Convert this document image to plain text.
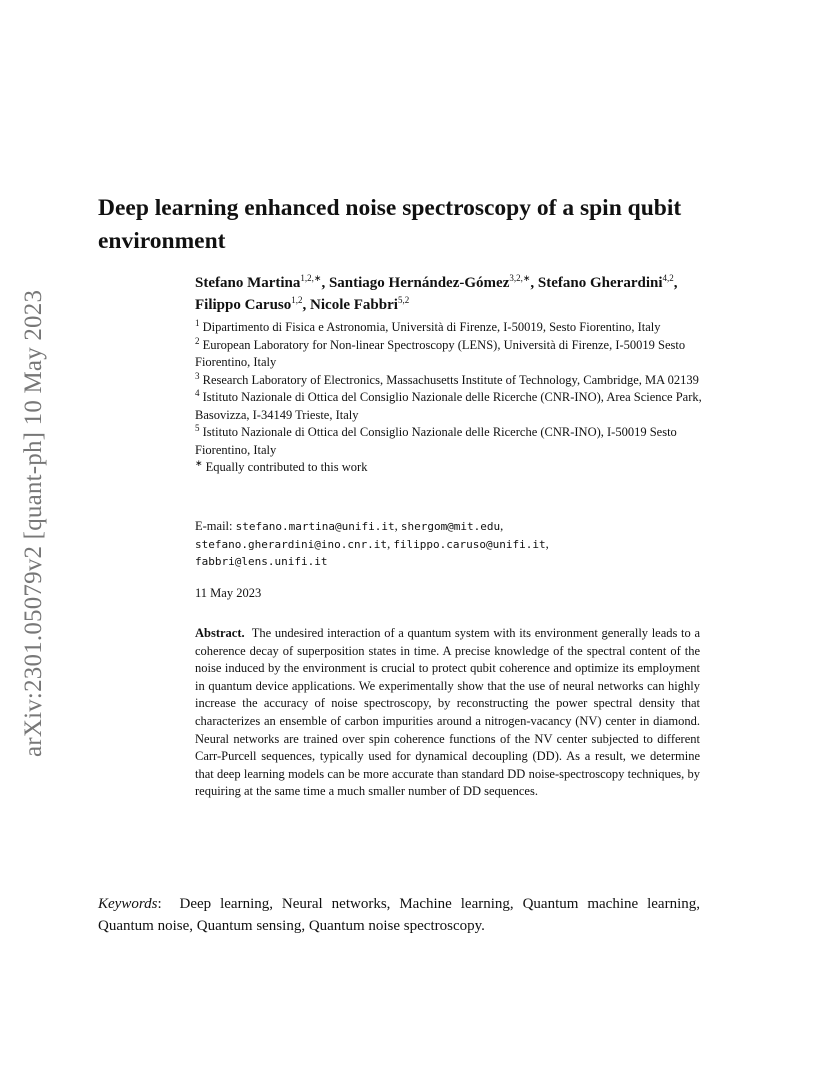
arXiv:2301.05079v2 [quant-ph] 10 May 2023
Deep learning enhanced noise spectroscopy of a spin qubit environment
Stefano Martina$^{1,2,∗}$, Santiago Hernández-Gómez$^{3,2,∗}$, Stefano Gherardini$^{4,2}$, Filippo Caruso$^{1,2}$, Nicole Fabbri$^{5,2}$

$^1$ Dipartimento di Fisica e Astronomia, Università di Firenze, I-50019, Sesto Fiorentino, Italy

$^2$ European Laboratory for Non-linear Spectroscopy (LENS), Università di Firenze, I-50019 Sesto Fiorentino, Italy

$^3$ Research Laboratory of Electronics, Massachusetts Institute of Technology, Cambridge, MA 02139

$^4$ Istituto Nazionale di Ottica del Consiglio Nazionale delle Ricerche (CNR-INO), Area Science Park, Basovizza, I-34149 Trieste, Italy

$^5$ Istituto Nazionale di Ottica del Consiglio Nazionale delle Ricerche (CNR-INO), I-50019 Sesto Fiorentino, Italy

∗ Equally contributed to this work

E-mail: stefano.martina@unifi.it, shergom@mit.edu,
stefano.gherardini@ino.cnr.it, filippo.caruso@unifi.it,
fabbri@lens.unifi.it
11 May 2023
Abstract. The undesired interaction of a quantum system with its environment generally leads to a coherence decay of superposition states in time. A precise knowledge of the spectral content of the noise induced by the environment is crucial to protect qubit coherence and optimize its employment in quantum device applications. We experimentally show that the use of neural networks can highly increase the accuracy of noise spectroscopy, by reconstructing the power spectral density that characterizes an ensemble of carbon impurities around a nitrogen-vacancy (NV) center in diamond. Neural networks are trained over spin coherence functions of the NV center subjected to different Carr-Purcell sequences, typically used for dynamical decoupling (DD). As a result, we determine that deep learning models can be more accurate than standard DD noise-spectroscopy techniques, by requiring at the same time a much smaller number of DD sequences.
Keywords:  Deep learning, Neural networks, Machine learning, Quantum machine learning, Quantum noise, Quantum sensing, Quantum noise spectroscopy.
